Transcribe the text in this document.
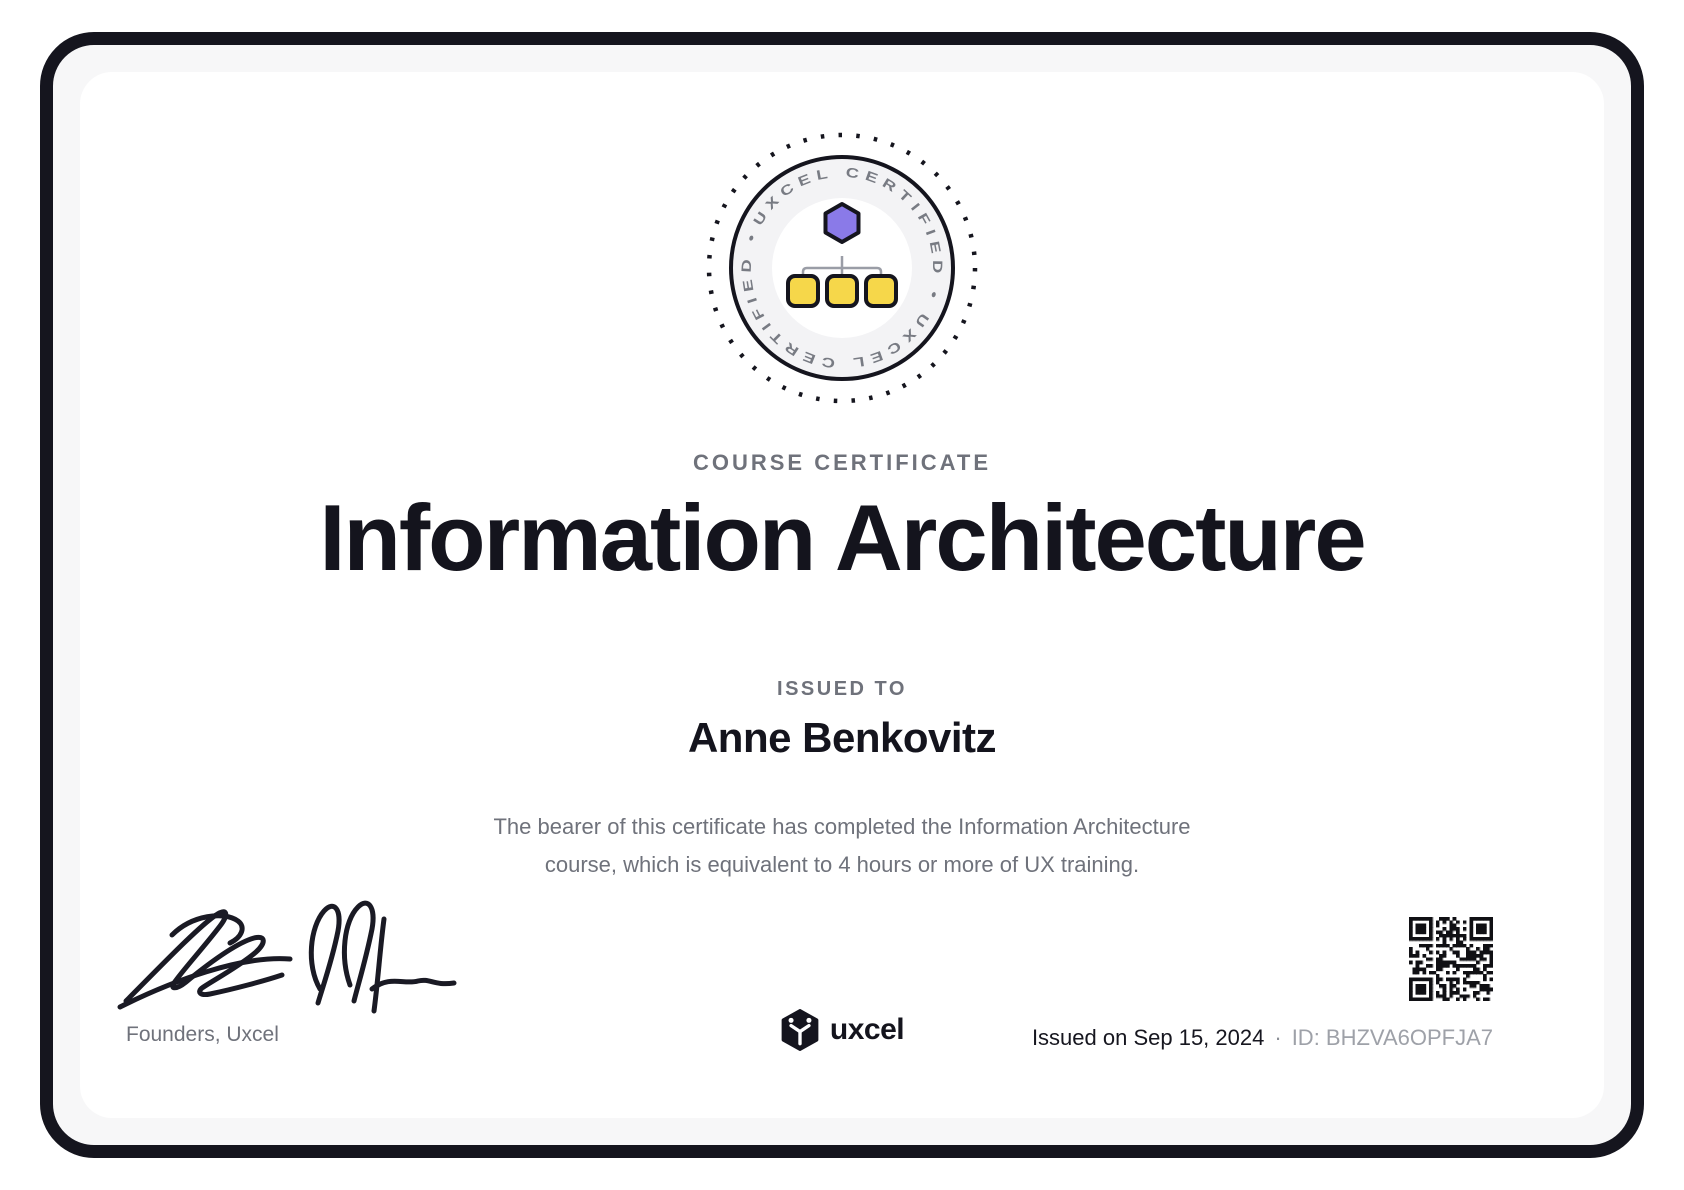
UXCEL CERTIFIED • UXCEL CERTIFIED •
COURSE CERTIFICATE
Information Architecture
ISSUED TO
Anne Benkovitz
The bearer of this certificate has completed the Information Architecture
course, which is equivalent to 4 hours or more of UX training.
Founders, Uxcel	uxcel	Issued on Sep 15, 2024 · ID: BHZVA6OPFJA7
